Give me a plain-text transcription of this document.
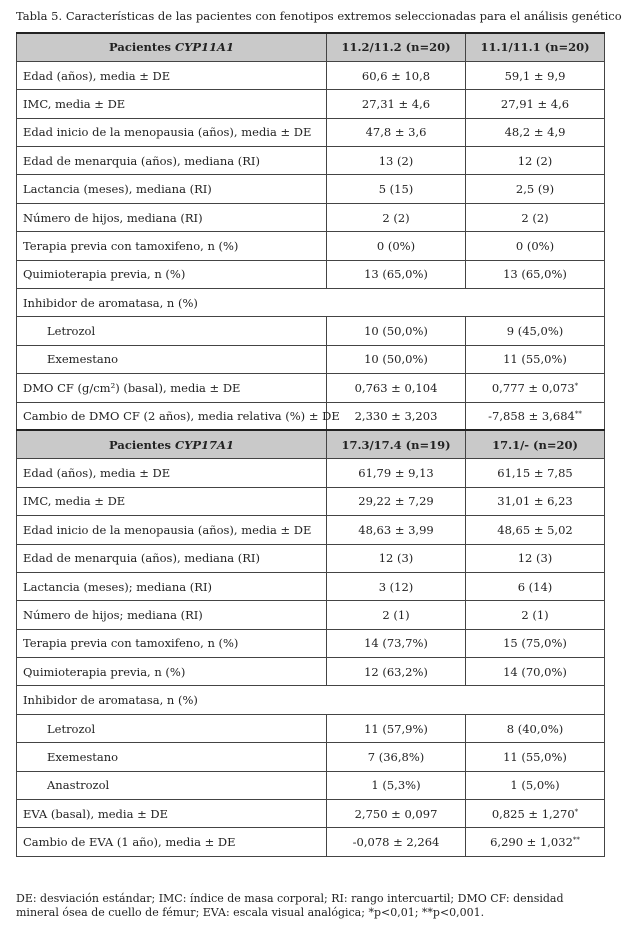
Tabla 5. Características de las pacientes con fenotipos extremos seleccionadas para el análisis genético
Pacientes CYP11A1	11.2/11.2 (n=20)	11.1/11.1 (n=20)
Edad (años), media ± DE	60,6 ± 10,8	59,1 ± 9,9
IMC, media ± DE	27,31 ± 4,6	27,91 ± 4,6
Edad inicio de la menopausia (años), media ± DE	47,8 ± 3,6	48,2 ± 4,9
Edad de menarquia (años), mediana (RI)	13 (2)	12 (2)
Lactancia (meses), mediana (RI)	5 (15)	2,5 (9)
Número de hijos, mediana (RI)	2 (2)	2 (2)
Terapia previa con tamoxifeno, n (%)	0 (0%)	0 (0%)
Quimioterapia previa, n (%)	13 (65,0%)	13 (65,0%)
Inhibidor de aromatasa, n (%)		
Letrozol	10 (50,0%)	9 (45,0%)
Exemestano	10 (50,0%)	11 (55,0%)
DMO CF (g/cm²) (basal), media ± DE	0,763 ± 0,104	0,777 ± 0,073*
Cambio de DMO CF (2 años), media relativa (%) ± DE	2,330 ± 3,203	-7,858 ± 3,684**
Pacientes CYP17A1	17.3/17.4 (n=19)	17.1/- (n=20)
Edad (años), media ± DE	61,79 ± 9,13	61,15 ± 7,85
IMC, media ± DE	29,22 ± 7,29	31,01 ± 6,23
Edad inicio de la menopausia (años), media ± DE	48,63 ± 3,99	48,65 ± 5,02
Edad de menarquia (años), mediana (RI)	12 (3)	12 (3)
Lactancia (meses); mediana (RI)	3 (12)	6 (14)
Número de hijos; mediana (RI)	2 (1)	2 (1)
Terapia previa con tamoxifeno, n (%)	14 (73,7%)	15 (75,0%)
Quimioterapia previa, n (%)	12 (63,2%)	14 (70,0%)
Inhibidor de aromatasa, n (%)		
Letrozol	11 (57,9%)	8 (40,0%)
Exemestano	7 (36,8%)	11 (55,0%)
Anastrozol	1 (5,3%)	1 (5,0%)
EVA (basal), media ± DE	2,750 ± 0,097	0,825 ± 1,270*
Cambio de EVA (1 año), media ± DE	-0,078 ± 2,264	6,290 ± 1,032**
DE: desviación estándar; IMC: índice de masa corporal; RI: rango intercuartil; DMO CF: densidad mineral ósea de cuello de fémur; EVA: escala visual analógica; *p<0,01; **p<0,001.
